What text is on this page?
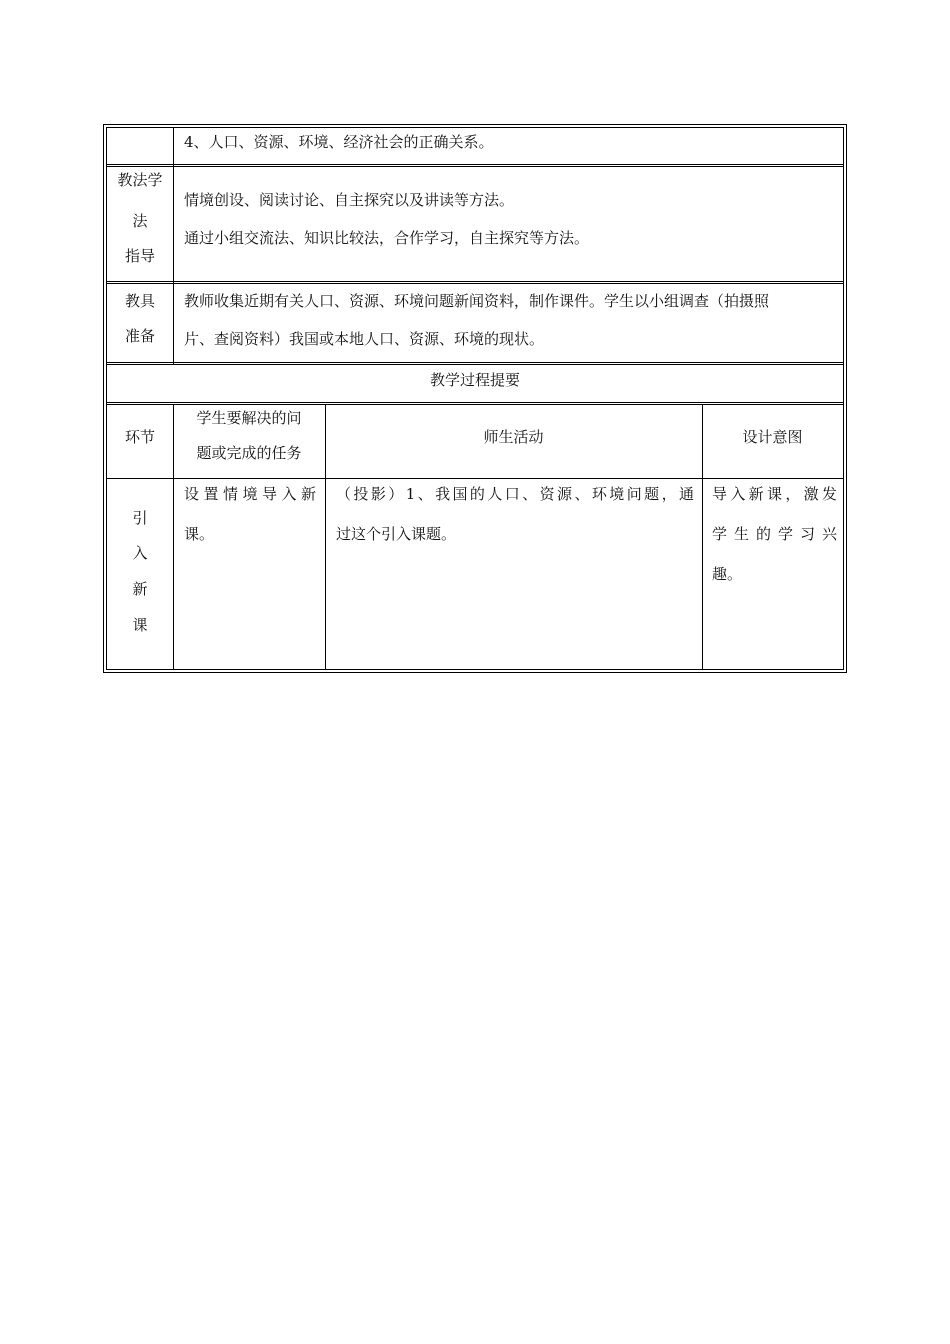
4、人口、资源、环境、经济社会的正确关系。
教法学
法
指导
情境创设、阅读讨论、自主探究以及讲读等方法。
通过小组交流法、知识比较法，合作学习，自主探究等方法。
教具
准备
教师收集近期有关人口、资源、环境问题新闻资料，制作课件。学生以小组调查（拍摄照
片、查阅资料）我国或本地人口、资源、环境的现状。
教学过程提要
环节
学生要解决的问
题或完成的任务
师生活动	设计意图
引
入
新
课
设置情境导入新
课。
（投影）1、我国的人口、资源、环境问题，通
过这个引入课题。
导入新课，激发
学生的学习兴
趣。
